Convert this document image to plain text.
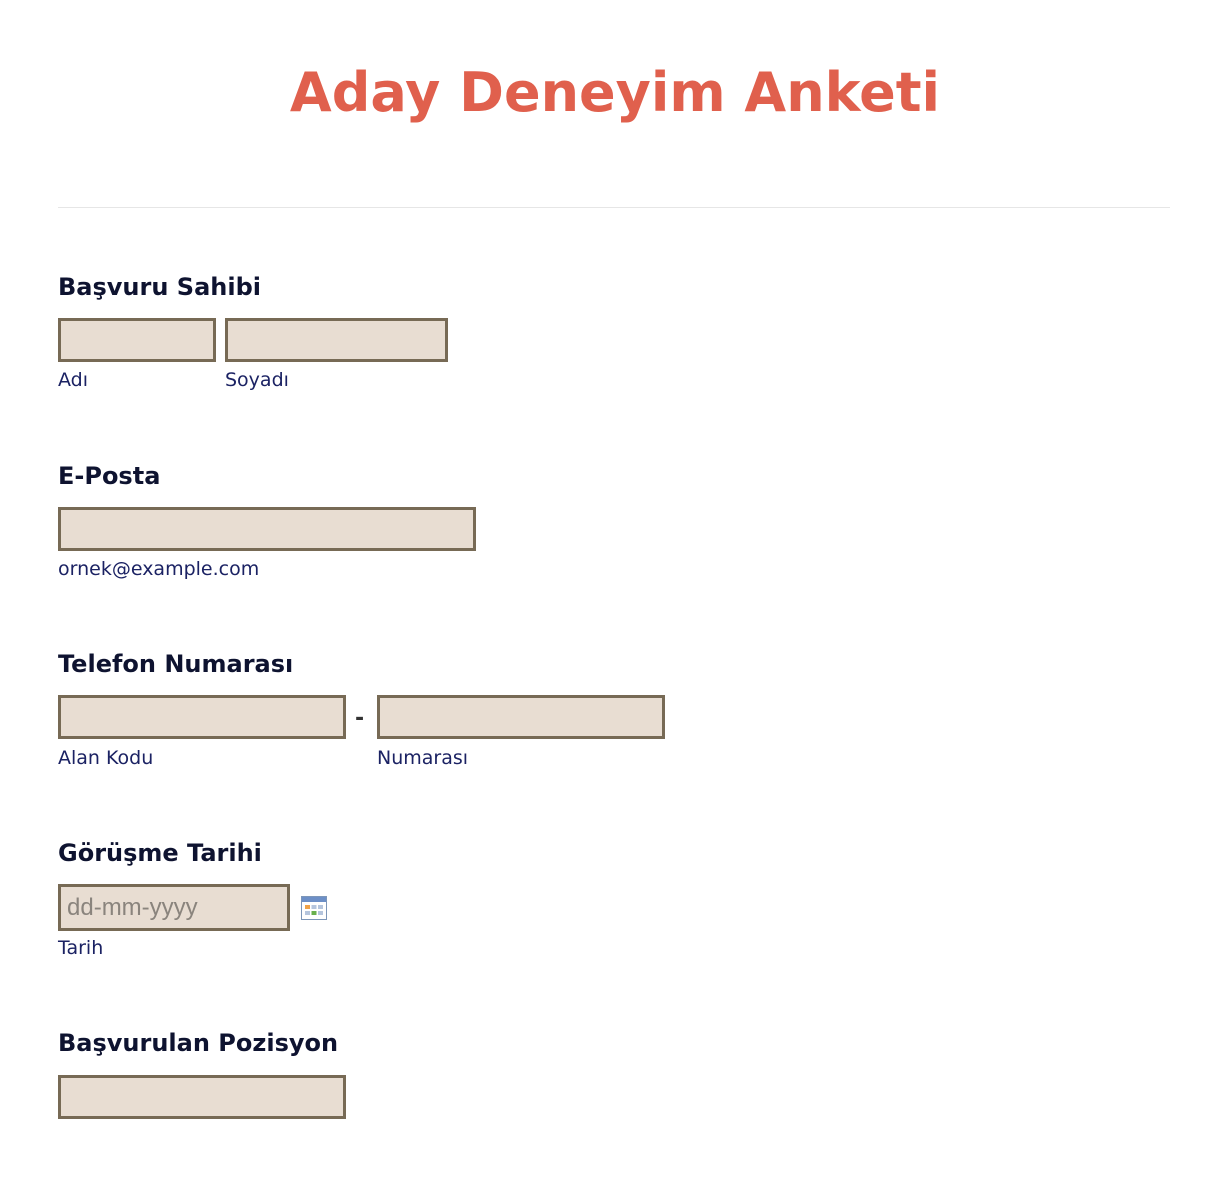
Aday Deneyim Anketi
Başvuru Sahibi
Adı	Soyadı
E-Posta
ornek@example.com
Telefon Numarası
-
Alan Kodu	Numarası
Görüşme Tarihi
dd-mm-yyyy
Tarih
Başvurulan Pozisyon
